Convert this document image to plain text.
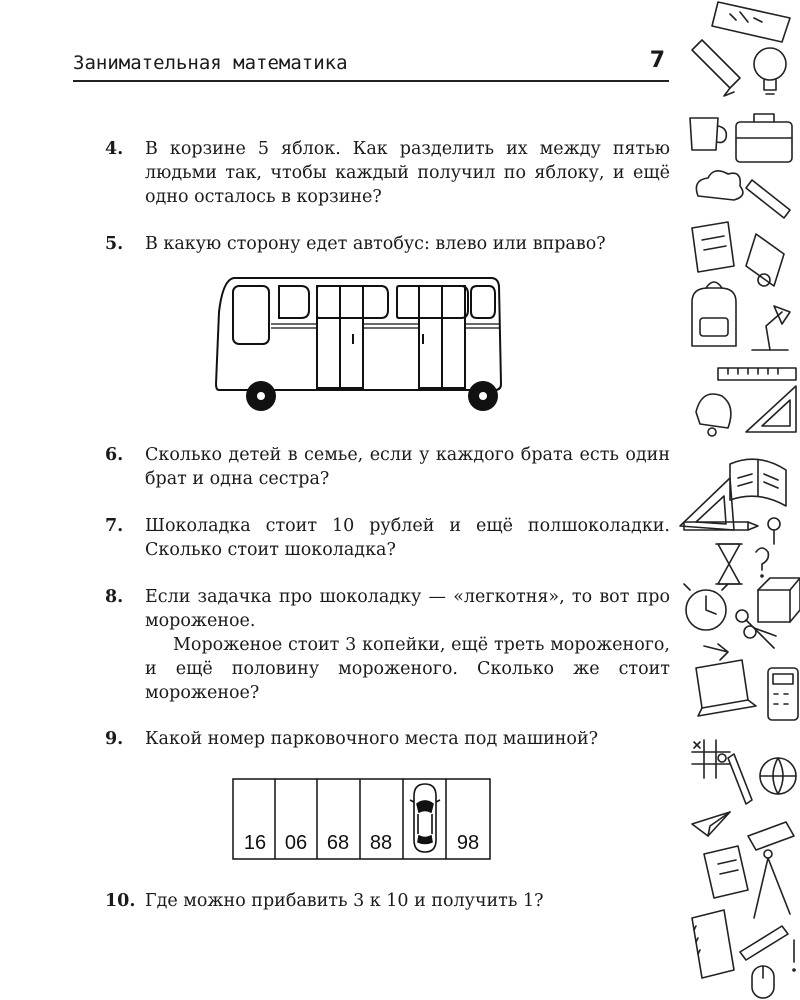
Занимательная математика	7
4. В корзине 5 яблок. Как разделить их между пятью людьми так, чтобы каждый получил по яблоку, и ещё одно осталось в корзине?

5. В какую сторону едет автобус: влево или вправо?

6. Сколько детей в семье, если у каждого брата есть один брат и одна сестра?

7. Шоколадка стоит 10 рублей и ещё полшоколадки. Сколько стоит шоколадка?

8. Если задачка про шоколадку — «легкотня», то вот про мороженое.

Мороженое стоит 3 копейки, ещё треть мороженого, и ещё половину мороженого. Сколько же стоит мороженое?

9. Какой номер парковочного места под машиной?

16 06 68 88	98
10. Где можно прибавить 3 к 10 и получить 1?
